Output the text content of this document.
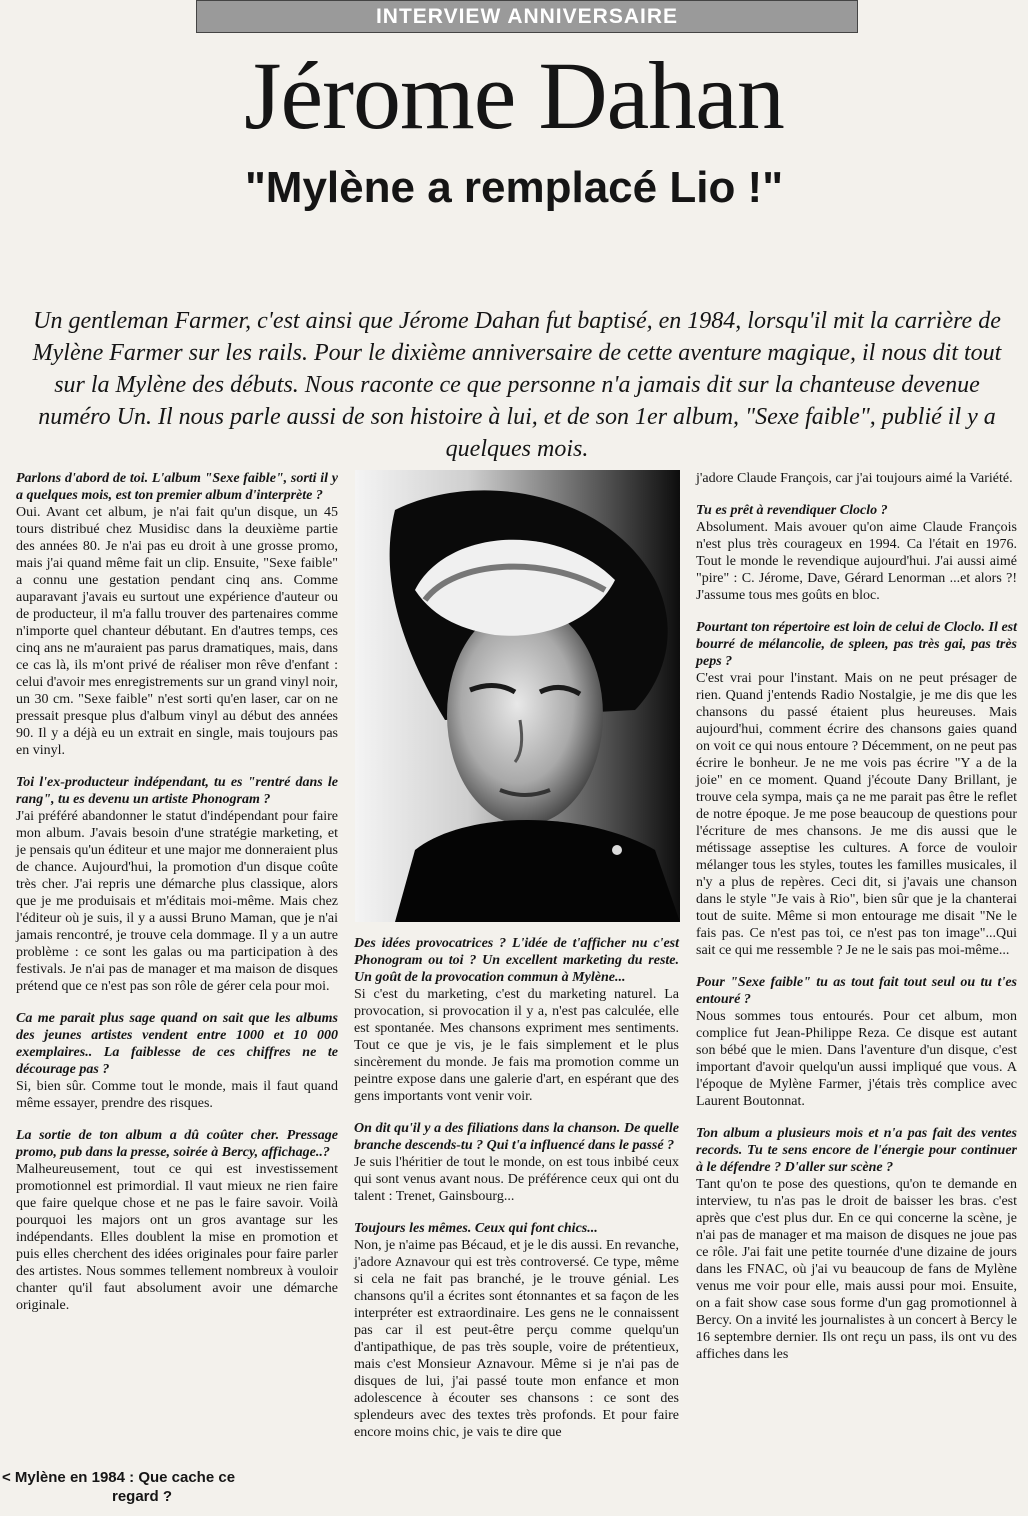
INTERVIEW ANNIVERSAIRE
Jérome Dahan
"Mylène a remplacé Lio !"

Un gentleman Farmer, c'est ainsi que Jérome Dahan fut baptisé, en 1984, lorsqu'il mit la carrière de Mylène Farmer sur les rails. Pour le dixième anniversaire de cette aventure magique, il nous dit tout sur la Mylène des débuts. Nous raconte ce que personne n'a jamais dit sur la chanteuse devenue numéro Un. Il nous parle aussi de son histoire à lui, et de son 1er album, "Sexe faible", publié il y a quelques mois.

Parlons d'abord de toi. L'album "Sexe faible", sorti il y a quelques mois, est ton premier album d'interprète ?

Oui. Avant cet album, je n'ai fait qu'un disque, un 45 tours distribué chez Musidisc dans la deuxième partie des années 80. Je n'ai pas eu droit à une grosse promo, mais j'ai quand même fait un clip. Ensuite, "Sexe faible" a connu une gestation pendant cinq ans. Comme auparavant j'avais eu surtout une expérience d'auteur ou de producteur, il m'a fallu trouver des partenaires comme n'importe quel chanteur débutant. En d'autres temps, ces cinq ans ne m'auraient pas parus dramatiques, mais, dans ce cas là, ils m'ont privé de réaliser mon rêve d'enfant : celui d'avoir mes enregistrements sur un grand vinyl noir, un 30 cm. "Sexe faible" n'est sorti qu'en laser, car on ne pressait presque plus d'album vinyl au début des années 90. Il y a déjà eu un extrait en single, mais toujours pas en vinyl.

Toi l'ex-producteur indépendant, tu es "rentré dans le rang", tu es devenu un artiste Phonogram ?

J'ai préféré abandonner le statut d'indépendant pour faire mon album. J'avais besoin d'une stratégie marketing, et je pensais qu'un éditeur et une major me donneraient plus de chance. Aujourd'hui, la promotion d'un disque coûte très cher. J'ai repris une démarche plus classique, alors que je me produisais et m'éditais moi-même. Mais chez l'éditeur où je suis, il y a aussi Bruno Maman, que je n'ai jamais rencontré, je trouve cela dommage. Il y a un autre problème : ce sont les galas ou ma participation à des festivals. Je n'ai pas de manager et ma maison de disques prétend que ce n'est pas son rôle de gérer cela pour moi.

Ca me parait plus sage quand on sait que les albums des jeunes artistes vendent entre 1000 et 10 000 exemplaires.. La faiblesse de ces chiffres ne te décourage pas ?

Si, bien sûr. Comme tout le monde, mais il faut quand même essayer, prendre des risques.

La sortie de ton album a dû coûter cher. Pressage promo, pub dans la presse, soirée à Bercy, affichage..?

Malheureusement, tout ce qui est investissement promotionnel est primordial. Il vaut mieux ne rien faire que faire quelque chose et ne pas le faire savoir. Voilà pourquoi les majors ont un gros avantage sur les indépendants. Elles doublent la mise en promotion et puis elles cherchent des idées originales pour faire parler des artistes. Nous sommes tellement nombreux à vouloir chanter qu'il faut absolument avoir une démarche originale.

Des idées provocatrices ? L'idée de t'afficher nu c'est Phonogram ou toi ? Un excellent marketing du reste. Un goût de la provocation commun à Mylène...

Si c'est du marketing, c'est du marketing naturel. La provocation, si provocation il y a, n'est pas calculée, elle est spontanée. Mes chansons expriment mes sentiments. Tout ce que je vis, je le fais simplement et le plus sincèrement du monde. Je fais ma promotion comme un peintre expose dans une galerie d'art, en espérant que des gens importants vont venir voir.

On dit qu'il y a des filiations dans la chanson. De quelle branche descends-tu ? Qui t'a influencé dans le passé ?

Je suis l'héritier de tout le monde, on est tous inbibé ceux qui sont venus avant nous. De préférence ceux qui ont du talent : Trenet, Gainsbourg...

Toujours les mêmes. Ceux qui font chics...

Non, je n'aime pas Bécaud, et je le dis aussi. En revanche, j'adore Aznavour qui est très controversé. Ce type, même si cela ne fait pas branché, je le trouve génial. Les chansons qu'il a écrites sont étonnantes et sa façon de les interpréter est extraordinaire. Les gens ne le connaissent pas car il est peut-être perçu comme quelqu'un d'antipathique, de pas très souple, voire de prétentieux, mais c'est Monsieur Aznavour. Même si je n'ai pas de disques de lui, j'ai passé toute mon enfance et mon adolescence à écouter ses chansons : ce sont des splendeurs avec des textes très profonds. Et pour faire encore moins chic, je vais te dire que

j'adore Claude François, car j'ai toujours aimé la Variété.

Tu es prêt à revendiquer Cloclo ?

Absolument. Mais avouer qu'on aime Claude François n'est plus très courageux en 1994. Ca l'était en 1976. Tout le monde le revendique aujourd'hui. J'ai aussi aimé "pire" : C. Jérome, Dave, Gérard Lenorman ...et alors ?! J'assume tous mes goûts en bloc.

Pourtant ton répertoire est loin de celui de Cloclo. Il est bourré de mélancolie, de spleen, pas très gai, pas très peps ?

C'est vrai pour l'instant. Mais on ne peut présager de rien. Quand j'entends Radio Nostalgie, je me dis que les chansons du passé étaient plus heureuses. Mais aujourd'hui, comment écrire des chansons gaies quand on voit ce qui nous entoure ? Décemment, on ne peut pas écrire le bonheur. Je ne me vois pas écrire "Y a de la joie" en ce moment. Quand j'écoute Dany Brillant, je trouve cela sympa, mais ça ne me parait pas être le reflet de notre époque. Je me pose beaucoup de questions pour l'écriture de mes chansons. Je me dis aussi que le métissage asseptise les cultures. A force de vouloir mélanger tous les styles, toutes les familles musicales, il n'y a plus de repères. Ceci dit, si j'avais une chanson dans le style "Je vais à Rio", bien sûr que je la chanterai tout de suite. Même si mon entourage me disait "Ne le fais pas. Ce n'est pas toi, ce n'est pas ton image"...Qui sait ce qui me ressemble ? Je ne le sais pas moi-même...

Pour "Sexe faible" tu as tout fait tout seul ou tu t'es entouré ?

Nous sommes tous entourés. Pour cet album, mon complice fut Jean-Philippe Reza. Ce disque est autant son bébé que le mien. Dans l'aventure d'un disque, c'est important d'avoir quelqu'un aussi impliqué que vous. A l'époque de Mylène Farmer, j'étais très complice avec Laurent Boutonnat.

Ton album a plusieurs mois et n'a pas fait des ventes records. Tu te sens encore de l'énergie pour continuer à le défendre ? D'aller sur scène ?

Tant qu'on te pose des questions, qu'on te demande en interview, tu n'as pas le droit de baisser les bras. c'est après que c'est plus dur. En ce qui concerne la scène, je n'ai pas de manager et ma maison de disques ne joue pas ce rôle. J'ai fait une petite tournée d'une dizaine de jours dans les FNAC, où j'ai vu beaucoup de fans de Mylène venus me voir pour elle, mais aussi pour moi. Ensuite, on a fait show case sous forme d'un gag promotionnel à Bercy. On a invité les journalistes à un concert à Bercy le 16 septembre dernier. Ils ont reçu un pass, ils ont vu des affiches dans les

< Mylène en 1984 : Que cache ce
regard ?
